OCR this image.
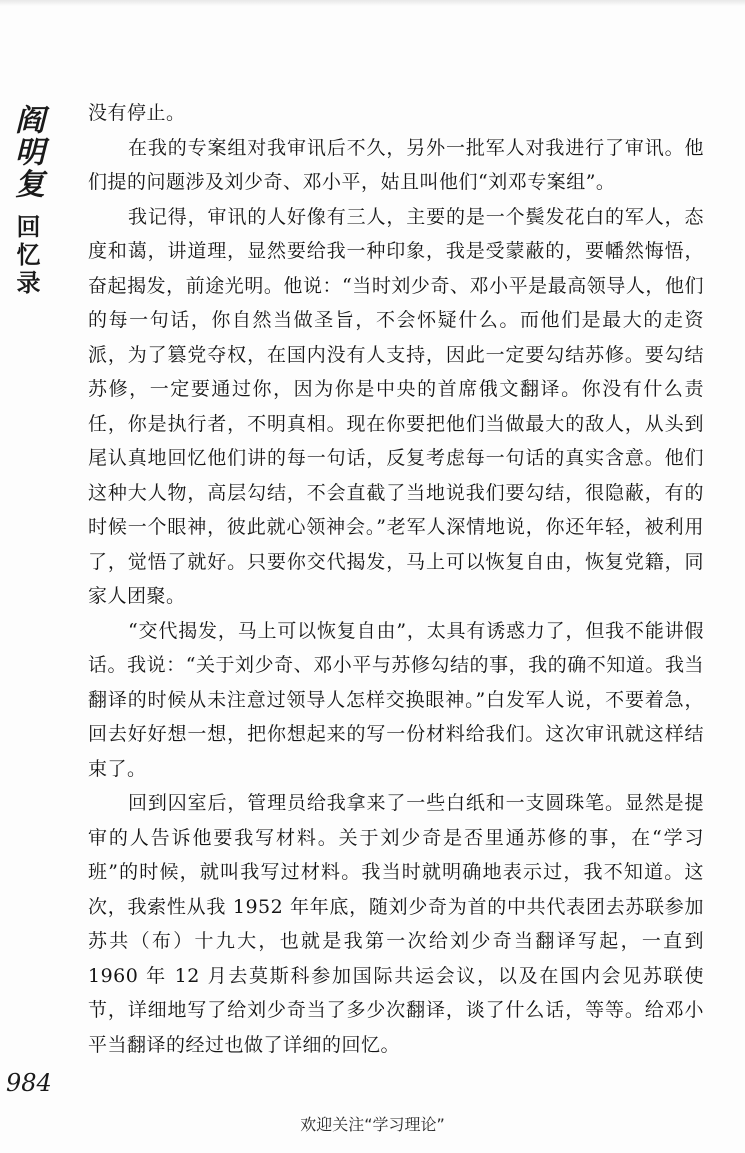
阎明复
回忆录

没有停止。

在我的专案组对我审讯后不久，另外一批军人对我进行了审讯。他们提的问题涉及刘少奇、邓小平，姑且叫他们“刘邓专案组”。

我记得，审讯的人好像有三人，主要的是一个鬓发花白的军人，态度和蔼，讲道理，显然要给我一种印象，我是受蒙蔽的，要幡然悔悟，奋起揭发，前途光明。他说：“当时刘少奇、邓小平是最高领导人，他们的每一句话，你自然当做圣旨，不会怀疑什么。而他们是最大的走资派，为了篡党夺权，在国内没有人支持，因此一定要勾结苏修。要勾结苏修，一定要通过你，因为你是中央的首席俄文翻译。你没有什么责任，你是执行者，不明真相。现在你要把他们当做最大的敌人，从头到尾认真地回忆他们讲的每一句话，反复考虑每一句话的真实含意。他们这种大人物，高层勾结，不会直截了当地说我们要勾结，很隐蔽，有的时候一个眼神，彼此就心领神会。”老军人深情地说，你还年轻，被利用了，觉悟了就好。只要你交代揭发，马上可以恢复自由，恢复党籍，同家人团聚。

“交代揭发，马上可以恢复自由”，太具有诱惑力了，但我不能讲假话。我说：“关于刘少奇、邓小平与苏修勾结的事，我的确不知道。我当翻译的时候从未注意过领导人怎样交换眼神。”白发军人说，不要着急，回去好好想一想，把你想起来的写一份材料给我们。这次审讯就这样结束了。

回到囚室后，管理员给我拿来了一些白纸和一支圆珠笔。显然是提审的人告诉他要我写材料。关于刘少奇是否里通苏修的事，在“学习班”的时候，就叫我写过材料。我当时就明确地表示过，我不知道。这次，我索性从我 1952 年年底，随刘少奇为首的中共代表团去苏联参加苏共（布）十九大，也就是我第一次给刘少奇当翻译写起，一直到 1960 年 12 月去莫斯科参加国际共运会议，以及在国内会见苏联使节，详细地写了给刘少奇当了多少次翻译，谈了什么话，等等。给邓小平当翻译的经过也做了详细的回忆。

984
欢迎关注“学习理论”
